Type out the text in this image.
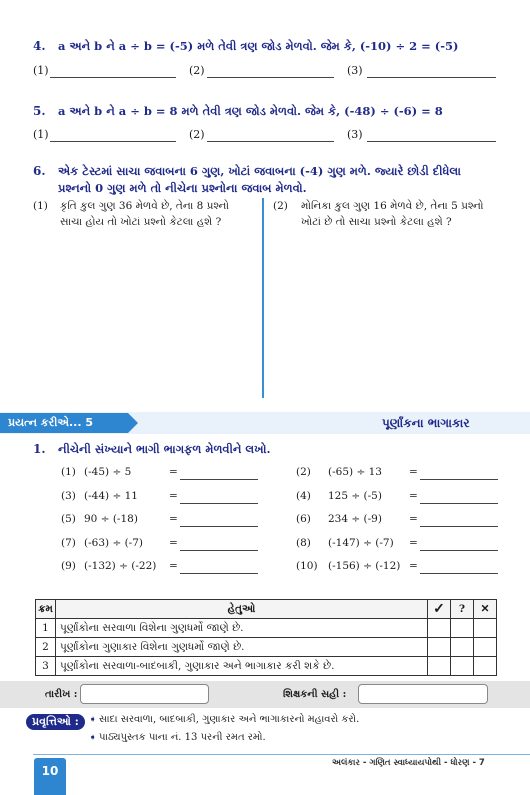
4. a અને b ને a ÷ b = (-5) મળે તેવી ત્રણ જોડ મેળવો. જેમ કે, (-10) ÷ 2 = (-5)
(1)	(2)	(3)
5. a અને b ને a ÷ b = 8 મળે તેવી ત્રણ જોડ મેળવો. જેમ કે, (-48) ÷ (-6) = 8
(1)	(2)	(3)
6. એક ટેસ્ટમાં સાચા જવાબના 6 ગુણ, ખોટાં જવાબના (-4) ગુણ મળે. જ્યારે છોડી દીધેલા
પ્રશ્નનો 0 ગુણ મળે તો નીચેના પ્રશ્નોના જવાબ મેળવો.
(1) કૃતિ કુલ ગુણ 36 મેળવે છે, તેના 8 પ્રશ્નો
સાચા હોય તો ખોટાં પ્રશ્નો કેટલા હશે ?
(2) મોનિકા કુલ ગુણ 16 મેળવે છે, તેના 5 પ્રશ્નો
ખોટાં છે તો સાચા પ્રશ્નો કેટલા હશે ?
પ્રયત્ન કરીએ... 5	પૂર્ણાંકના ભાગાકાર
1. નીચેની સંખ્યાને ભાગી ભાગફળ મેળવીને લખો.
(1) (-45) ÷ 5	=	(2) (-65) ÷ 13	=
(3) (-44) ÷ 11	=	(4) 125 ÷ (-5)	=
(5) 90 ÷ (-18)	=	(6) 234 ÷ (-9)	=
(7) (-63) ÷ (-7) =	(8) (-147) ÷ (-7) =
(9) (-132) ÷ (-22) =	(10) (-156) ÷ (-12) =
ક્રમ	હેતુઓ	✓	?	✕
1	પૂર્ણાંકોના સરવાળા વિશેના ગુણધર્મો જાણે છે.			
2	પૂર્ણાંકોના ગુણાકાર વિશેના ગુણધર્મો જાણે છે.			
3	પૂર્ણાંકોના સરવાળા-બાદબાકી, ગુણાકાર અને ભાગાકાર કરી શકે છે.			
તારીખ :	શિક્ષકની સહી :
પ્રવૃત્તિઓ :	➧ સાદા સરવાળા, બાદબાકી, ગુણાકાર અને ભાગાકારનો મહાવરો કરો.
➧ પાઠ્યપુસ્તક પાના નં. 13 પરની રમત રમો.
10
અલંકાર - ગણિત સ્વાધ્યાયપોથી - ધોરણ - 7
